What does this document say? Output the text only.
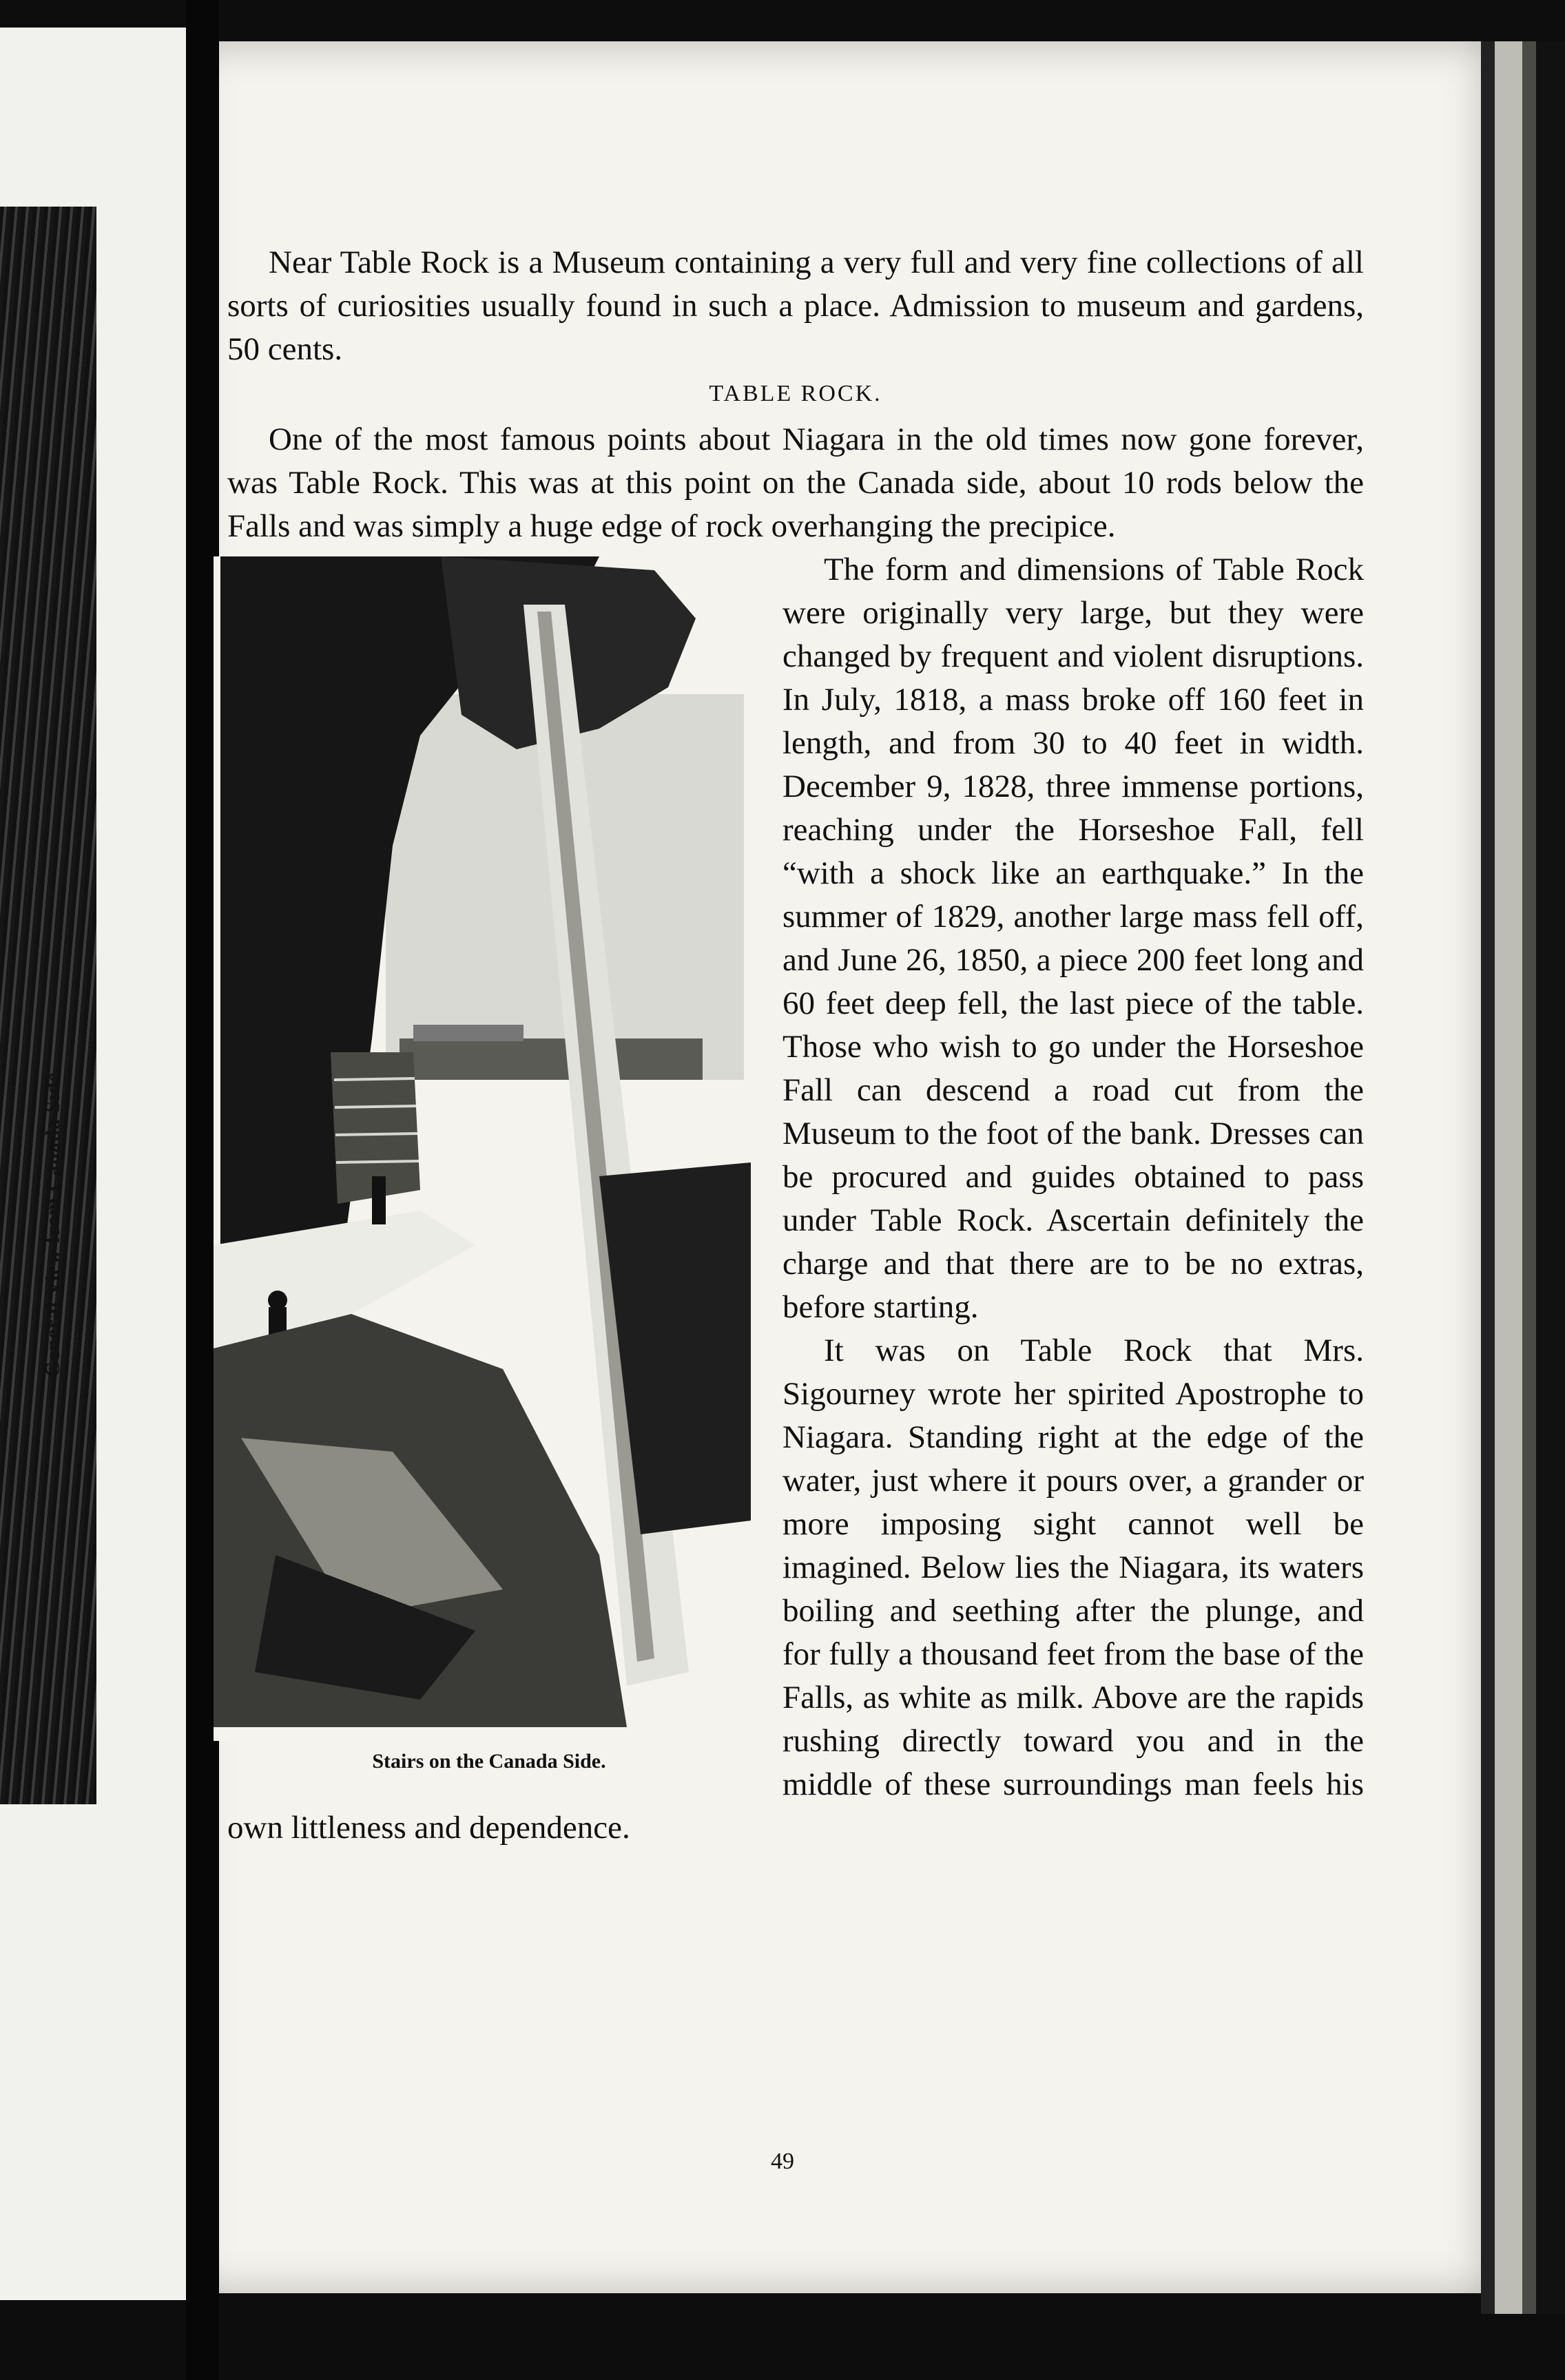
General View from Canada Side.

Near Table Rock is a Museum containing a very full and very fine collections of all sorts of curiosities usually found in such a place. Admission to museum and gardens, 50 cents.

TABLE ROCK.

One of the most famous points about Niagara in the old times now gone forever, was Table Rock. This was at this point on the Canada side, about 10 rods below the Falls and was simply a huge edge of rock overhanging the precipice.

Stairs on the Canada Side.

The form and dimensions of Table Rock were originally very large, but they were changed by frequent and violent disruptions. In July, 1818, a mass broke off 160 feet in length, and from 30 to 40 feet in width. December 9, 1828, three immense portions, reaching under the Horseshoe Fall, fell “with a shock like an earthquake.” In the summer of 1829, another large mass fell off, and June 26, 1850, a piece 200 feet long and 60 feet deep fell, the last piece of the table. Those who wish to go under the Horseshoe Fall can descend a road cut from the Museum to the foot of the bank. Dresses can be procured and guides obtained to pass under Table Rock. Ascertain definitely the charge and that there are to be no extras, before starting.

It was on Table Rock that Mrs. Sigourney wrote her spirited Apostrophe to Niagara. Standing right at the edge of the water, just where it pours over, a grander or more imposing sight cannot well be imagined. Below lies the Niagara, its waters boiling and seething after the plunge, and for fully a thousand feet from the base of the Falls, as white as milk. Above are the rapids rushing directly toward you and in the middle of these surroundings man feels his own littleness and dependence.

49
